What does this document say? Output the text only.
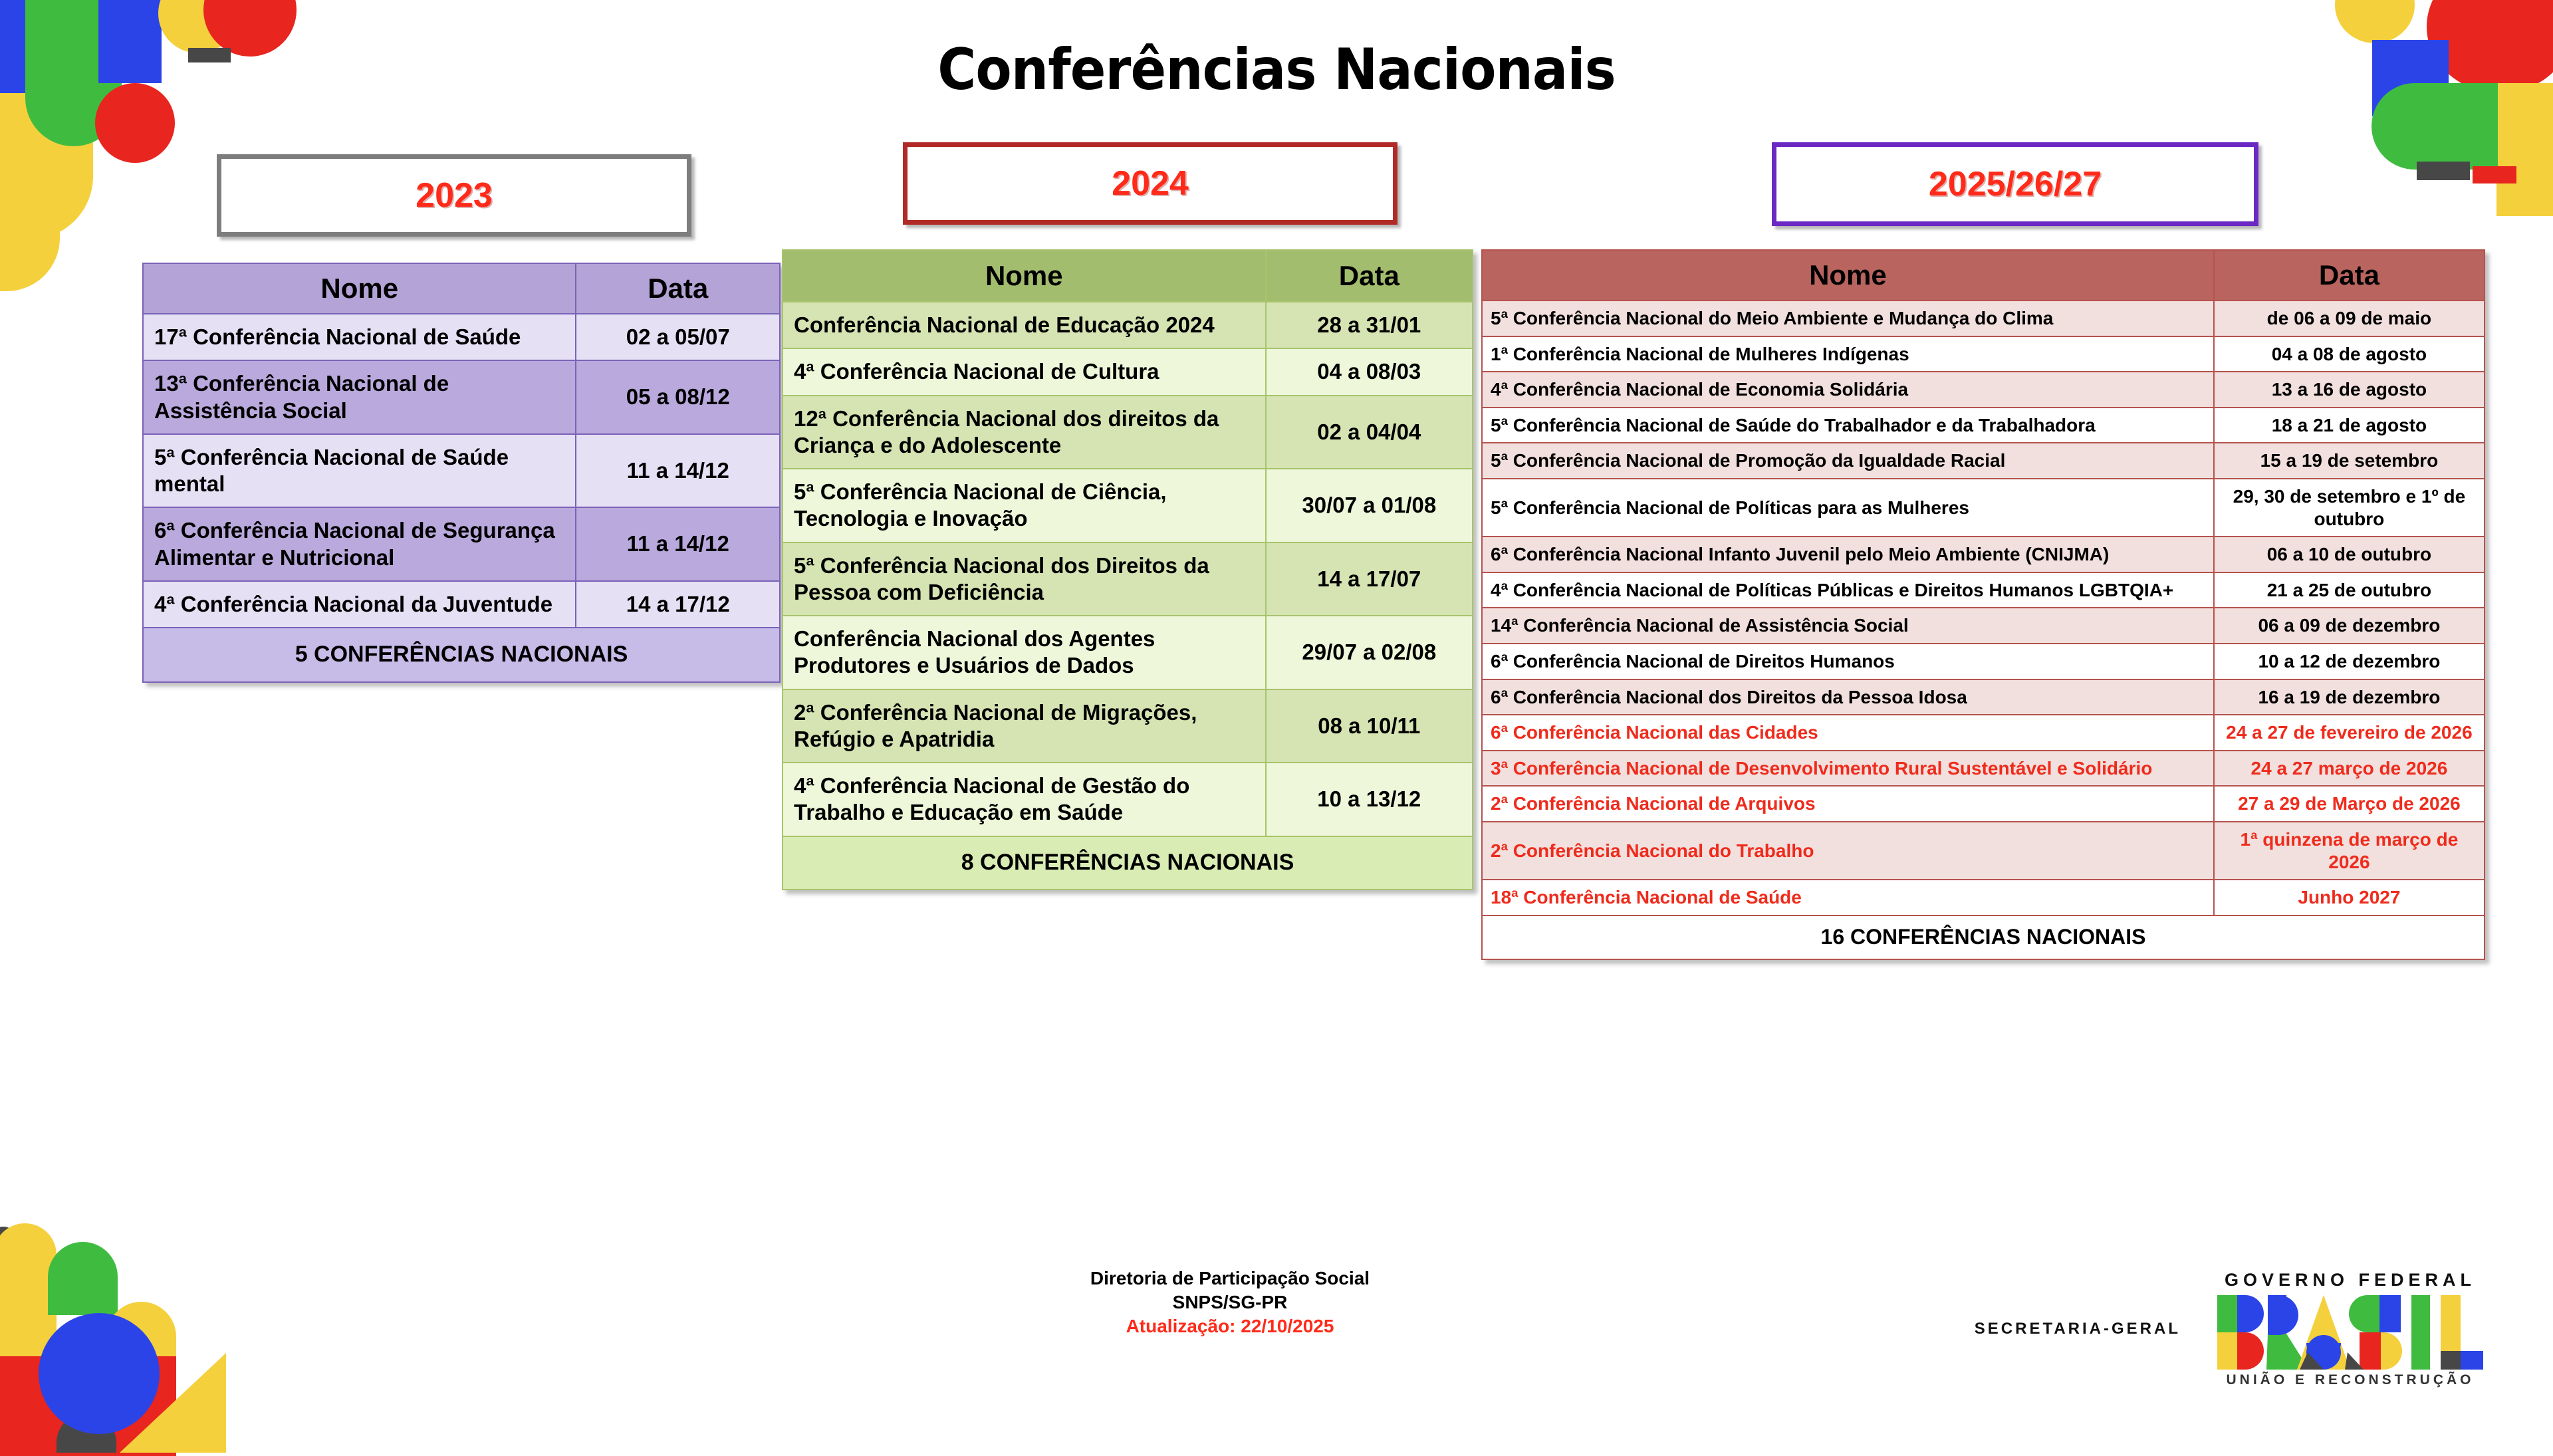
Conferências Nacionais
2023	2024	2025/26/27
Nome	Data
17ª Conferência Nacional de Saúde	02 a 05/07
13ª Conferência Nacional de Assistência Social	05 a 08/12
5ª Conferência Nacional de Saúde mental	11 a 14/12
6ª Conferência Nacional de Segurança Alimentar e Nutricional	11 a 14/12
4ª Conferência Nacional da Juventude	14 a 17/12
5 CONFERÊNCIAS NACIONAIS	
Nome	Data
Conferência Nacional de Educação 2024	28 a 31/01
4ª Conferência Nacional de Cultura	04 a 08/03
12ª Conferência Nacional dos direitos da Criança e do Adolescente	02 a 04/04
5ª Conferência Nacional de Ciência, Tecnologia e Inovação	30/07 a 01/08
5ª Conferência Nacional dos Direitos da Pessoa com Deficiência	14 a 17/07
Conferência Nacional dos Agentes Produtores e Usuários de Dados	29/07 a 02/08
2ª Conferência Nacional de Migrações, Refúgio e Apatridia	08 a 10/11
4ª Conferência Nacional de Gestão do Trabalho e Educação em Saúde	10 a 13/12
8 CONFERÊNCIAS NACIONAIS	
Nome	Data
5ª Conferência Nacional do Meio Ambiente e Mudança do Clima	de 06 a 09 de maio
1ª Conferência Nacional de Mulheres Indígenas	04 a 08 de agosto
4ª Conferência Nacional de Economia Solidária	13 a 16 de agosto
5ª Conferência Nacional de Saúde do Trabalhador e da Trabalhadora	18 a 21 de agosto
5ª Conferência Nacional de Promoção da Igualdade Racial	15 a 19 de setembro
5ª Conferência Nacional de Políticas para as Mulheres	29, 30 de setembro e 1º de outubro
6ª Conferência Nacional Infanto Juvenil pelo Meio Ambiente (CNIJMA)	06 a 10 de outubro
4ª Conferência Nacional de Políticas Públicas e Direitos Humanos LGBTQIA+	21 a 25 de outubro
14ª Conferência Nacional de Assistência Social	06 a 09 de dezembro
6ª Conferência Nacional de Direitos Humanos	10 a 12 de dezembro
6ª Conferência Nacional dos Direitos da Pessoa Idosa	16 a 19 de dezembro
6ª Conferência Nacional das Cidades	24 a 27 de fevereiro de 2026
3ª Conferência Nacional de Desenvolvimento Rural Sustentável e Solidário	24 a 27 março de 2026
2ª Conferência Nacional de Arquivos	27 a 29 de Março de 2026
2ª Conferência Nacional do Trabalho	1ª quinzena de março de 2026
18ª Conferência Nacional de Saúde	Junho 2027
16 CONFERÊNCIAS NACIONAIS	
Diretoria de Participação Social
SNPS/SG-PR
Atualização: 22/10/2025	SECRETARIA-GERAL
GOVERNO FEDERAL
UNIÃO E RECONSTRUÇÃO
